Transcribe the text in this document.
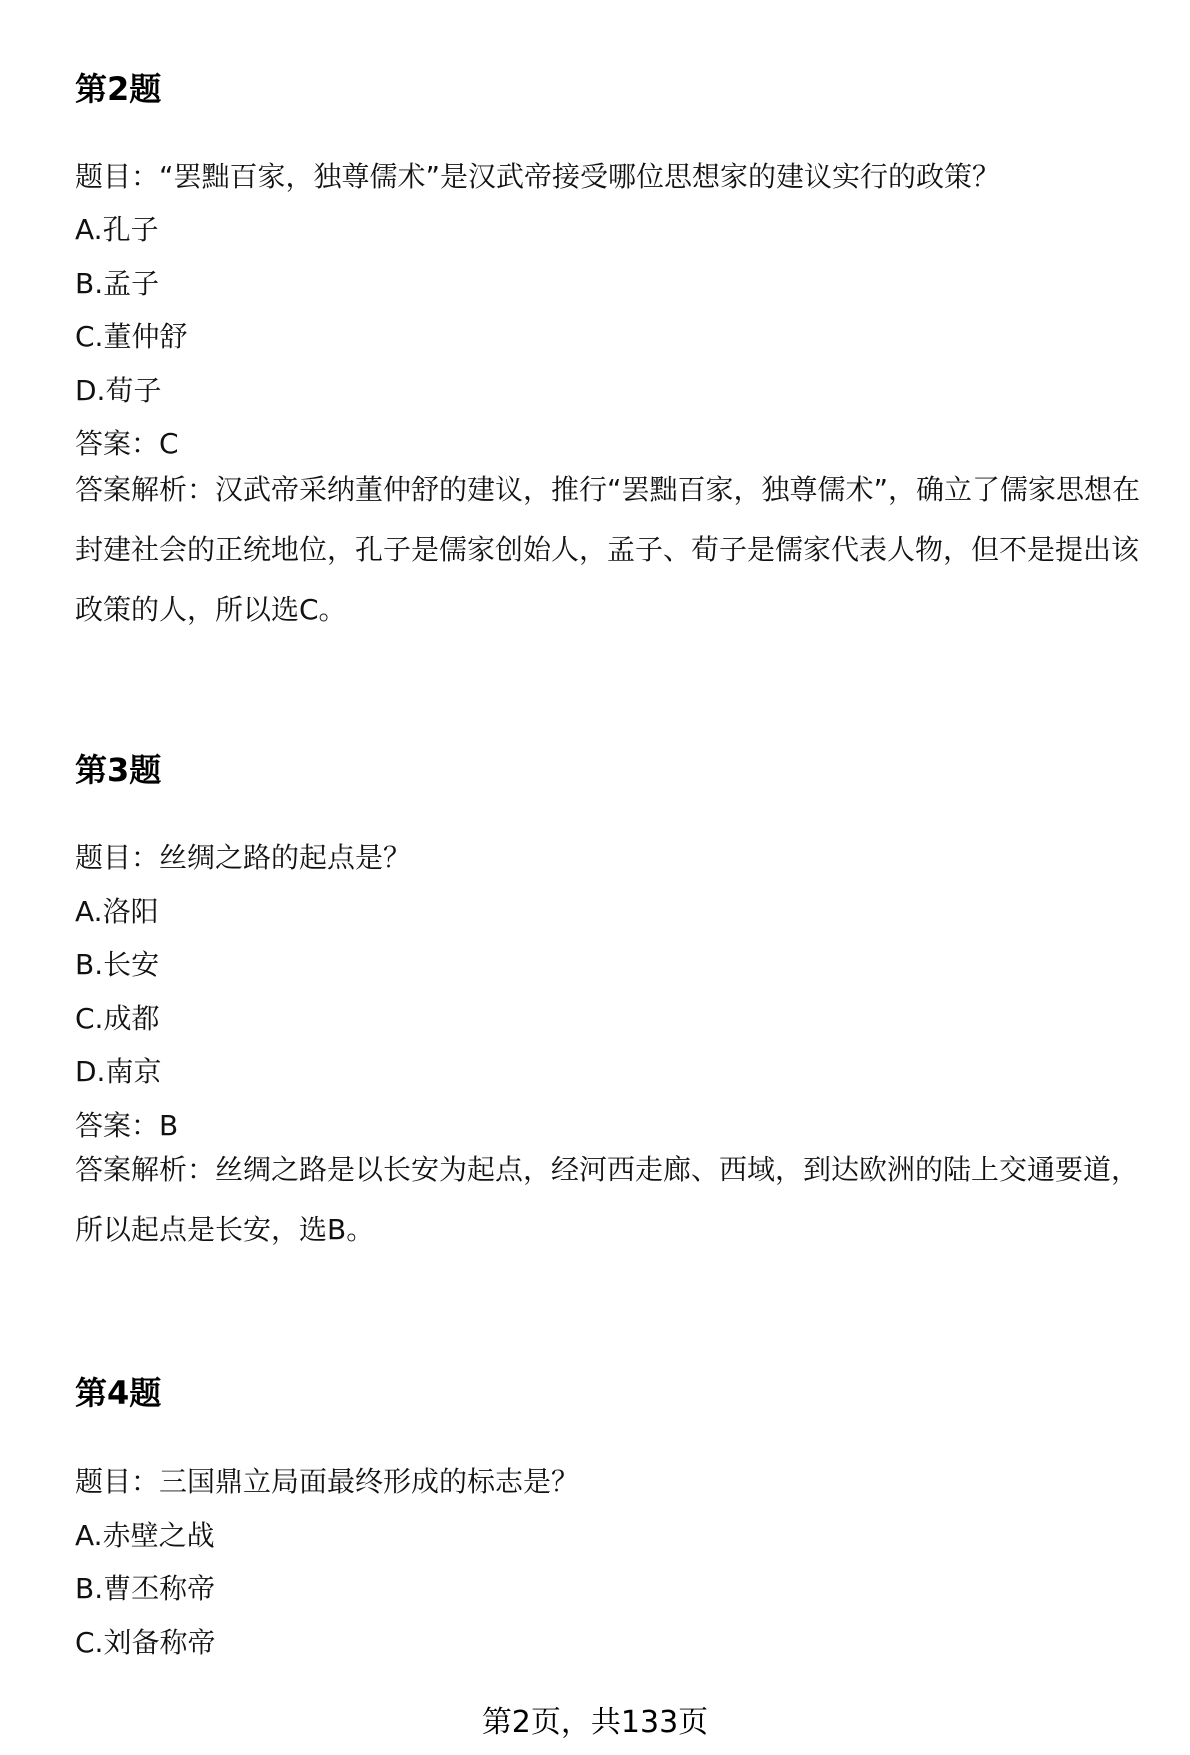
第2题
题目：“罢黜百家，独尊儒术”是汉武帝接受哪位思想家的建议实行的政策？
A.孔子
B.孟子
C.董仲舒
D.荀子
答案：C
答案解析：汉武帝采纳董仲舒的建议，推行“罢黜百家，独尊儒术”，确立了儒家思想在封建社会的正统地位，孔子是儒家创始人，孟子、荀子是儒家代表人物，但不是提出该政策的人，所以选C。
第3题
题目：丝绸之路的起点是？
A.洛阳
B.长安
C.成都
D.南京
答案：B
答案解析：丝绸之路是以长安为起点，经河西走廊、西域，到达欧洲的陆上交通要道，所以起点是长安，选B。
第4题
题目：三国鼎立局面最终形成的标志是？
A.赤壁之战
B.曹丕称帝
C.刘备称帝
第2页，共133页
